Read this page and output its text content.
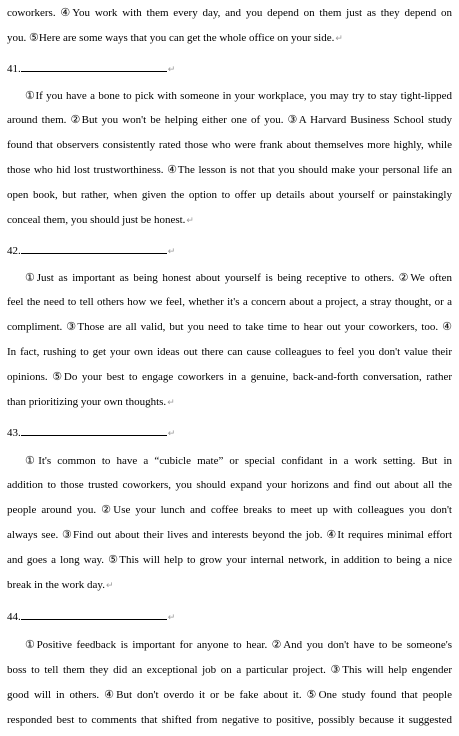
coworkers. ④You work with them every day, and you depend on them just as they depend on
you. ⑤Here are some ways that you can get the whole office on your side.↵
41.	↵
①If you have a bone to pick with someone in your workplace, you may try to stay tight-lipped
around them. ②But you won't be helping either one of you. ③A Harvard Business School study
found that observers consistently rated those who were frank about themselves more highly, while
those who hid lost trustworthiness. ④The lesson is not that you should make your personal life an
open book, but rather, when given the option to offer up details about yourself or painstakingly
conceal them, you should just be honest.↵
42.	↵
①Just as important as being honest about yourself is being receptive to others. ②We often
feel the need to tell others how we feel, whether it's a concern about a project, a stray thought, or a
compliment. ③Those are all valid, but you need to take time to hear out your coworkers, too. ④
In fact, rushing to get your own ideas out there can cause colleagues to feel you don't value their
opinions. ⑤Do your best to engage coworkers in a genuine, back-and-forth conversation, rather
than prioritizing your own thoughts.↵
43.	↵
①It's common to have a “cubicle mate” or special confidant in a work setting. But in
addition to those trusted coworkers, you should expand your horizons and find out about all the
people around you. ②Use your lunch and coffee breaks to meet up with colleagues you don't
always see. ③Find out about their lives and interests beyond the job. ④It requires minimal effort
and goes a long way. ⑤This will help to grow your internal network, in addition to being a nice
break in the work day.↵
44.	↵
①Positive feedback is important for anyone to hear. ②And you don't have to be someone's
boss to tell them they did an exceptional job on a particular project. ③This will help engender
good will in others. ④But don't overdo it or be fake about it. ⑤One study found that people
responded best to comments that shifted from negative to positive, possibly because it suggested
